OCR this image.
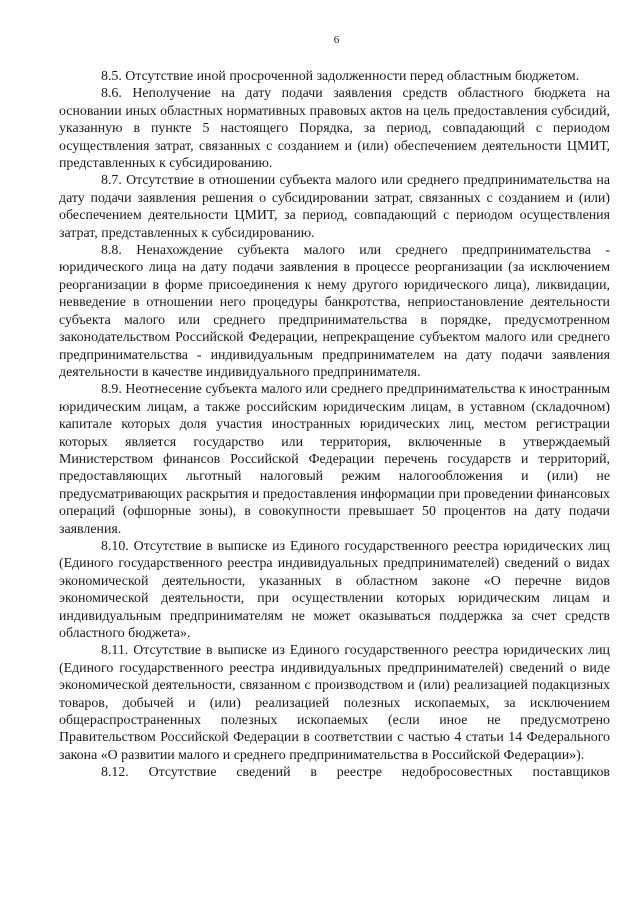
6

8.5. Отсутствие иной просроченной задолженности перед областным бюджетом.

8.6. Неполучение на дату подачи заявления средств областного бюджета на основании иных областных нормативных правовых актов на цель предоставления субсидий, указанную в пункте 5 настоящего Порядка, за период, совпадающий с периодом осуществления затрат, связанных с созданием и (или) обеспечением деятельности ЦМИТ, представленных к субсидированию.

8.7. Отсутствие в отношении субъекта малого или среднего предпринимательства на дату подачи заявления решения о субсидировании затрат, связанных с созданием и (или) обеспечением деятельности ЦМИТ, за период, совпадающий с периодом осуществления затрат, представленных к субсидированию.

8.8. Ненахождение субъекта малого или среднего предпринимательства - юридического лица на дату подачи заявления в процессе реорганизации (за исключением реорганизации в форме присоединения к нему другого юридического лица), ликвидации, невведение в отношении него процедуры банкротства, неприостановление деятельности субъекта малого или среднего предпринимательства в порядке, предусмотренном законодательством Российской Федерации, непрекращение субъектом малого или среднего предпринимательства - индивидуальным предпринимателем на дату подачи заявления деятельности в качестве индивидуального предпринимателя.

8.9. Неотнесение субъекта малого или среднего предпринимательства к иностранным юридическим лицам, а также российским юридическим лицам, в уставном (складочном) капитале которых доля участия иностранных юридических лиц, местом регистрации которых является государство или территория, включенные в утверждаемый Министерством финансов Российской Федерации перечень государств и территорий, предоставляющих льготный налоговый режим налогообложения и (или) не предусматривающих раскрытия и предоставления информации при проведении финансовых операций (офшорные зоны), в совокупности превышает 50 процентов на дату подачи заявления.

8.10. Отсутствие в выписке из Единого государственного реестра юридических лиц (Единого государственного реестра индивидуальных предпринимателей) сведений о видах экономической деятельности, указанных в областном законе «О перечне видов экономической деятельности, при осуществлении которых юридическим лицам и индивидуальным предпринимателям не может оказываться поддержка за счет средств областного бюджета».

8.11. Отсутствие в выписке из Единого государственного реестра юридических лиц (Единого государственного реестра индивидуальных предпринимателей) сведений о виде экономической деятельности, связанном с производством и (или) реализацией подакцизных товаров, добычей и (или) реализацией полезных ископаемых, за исключением общераспространенных полезных ископаемых (если иное не предусмотрено Правительством Российской Федерации в соответствии с частью 4 статьи 14 Федерального закона «О развитии малого и среднего предпринимательства в Российской Федерации»).

8.12. Отсутствие сведений в реестре недобросовестных поставщиков
